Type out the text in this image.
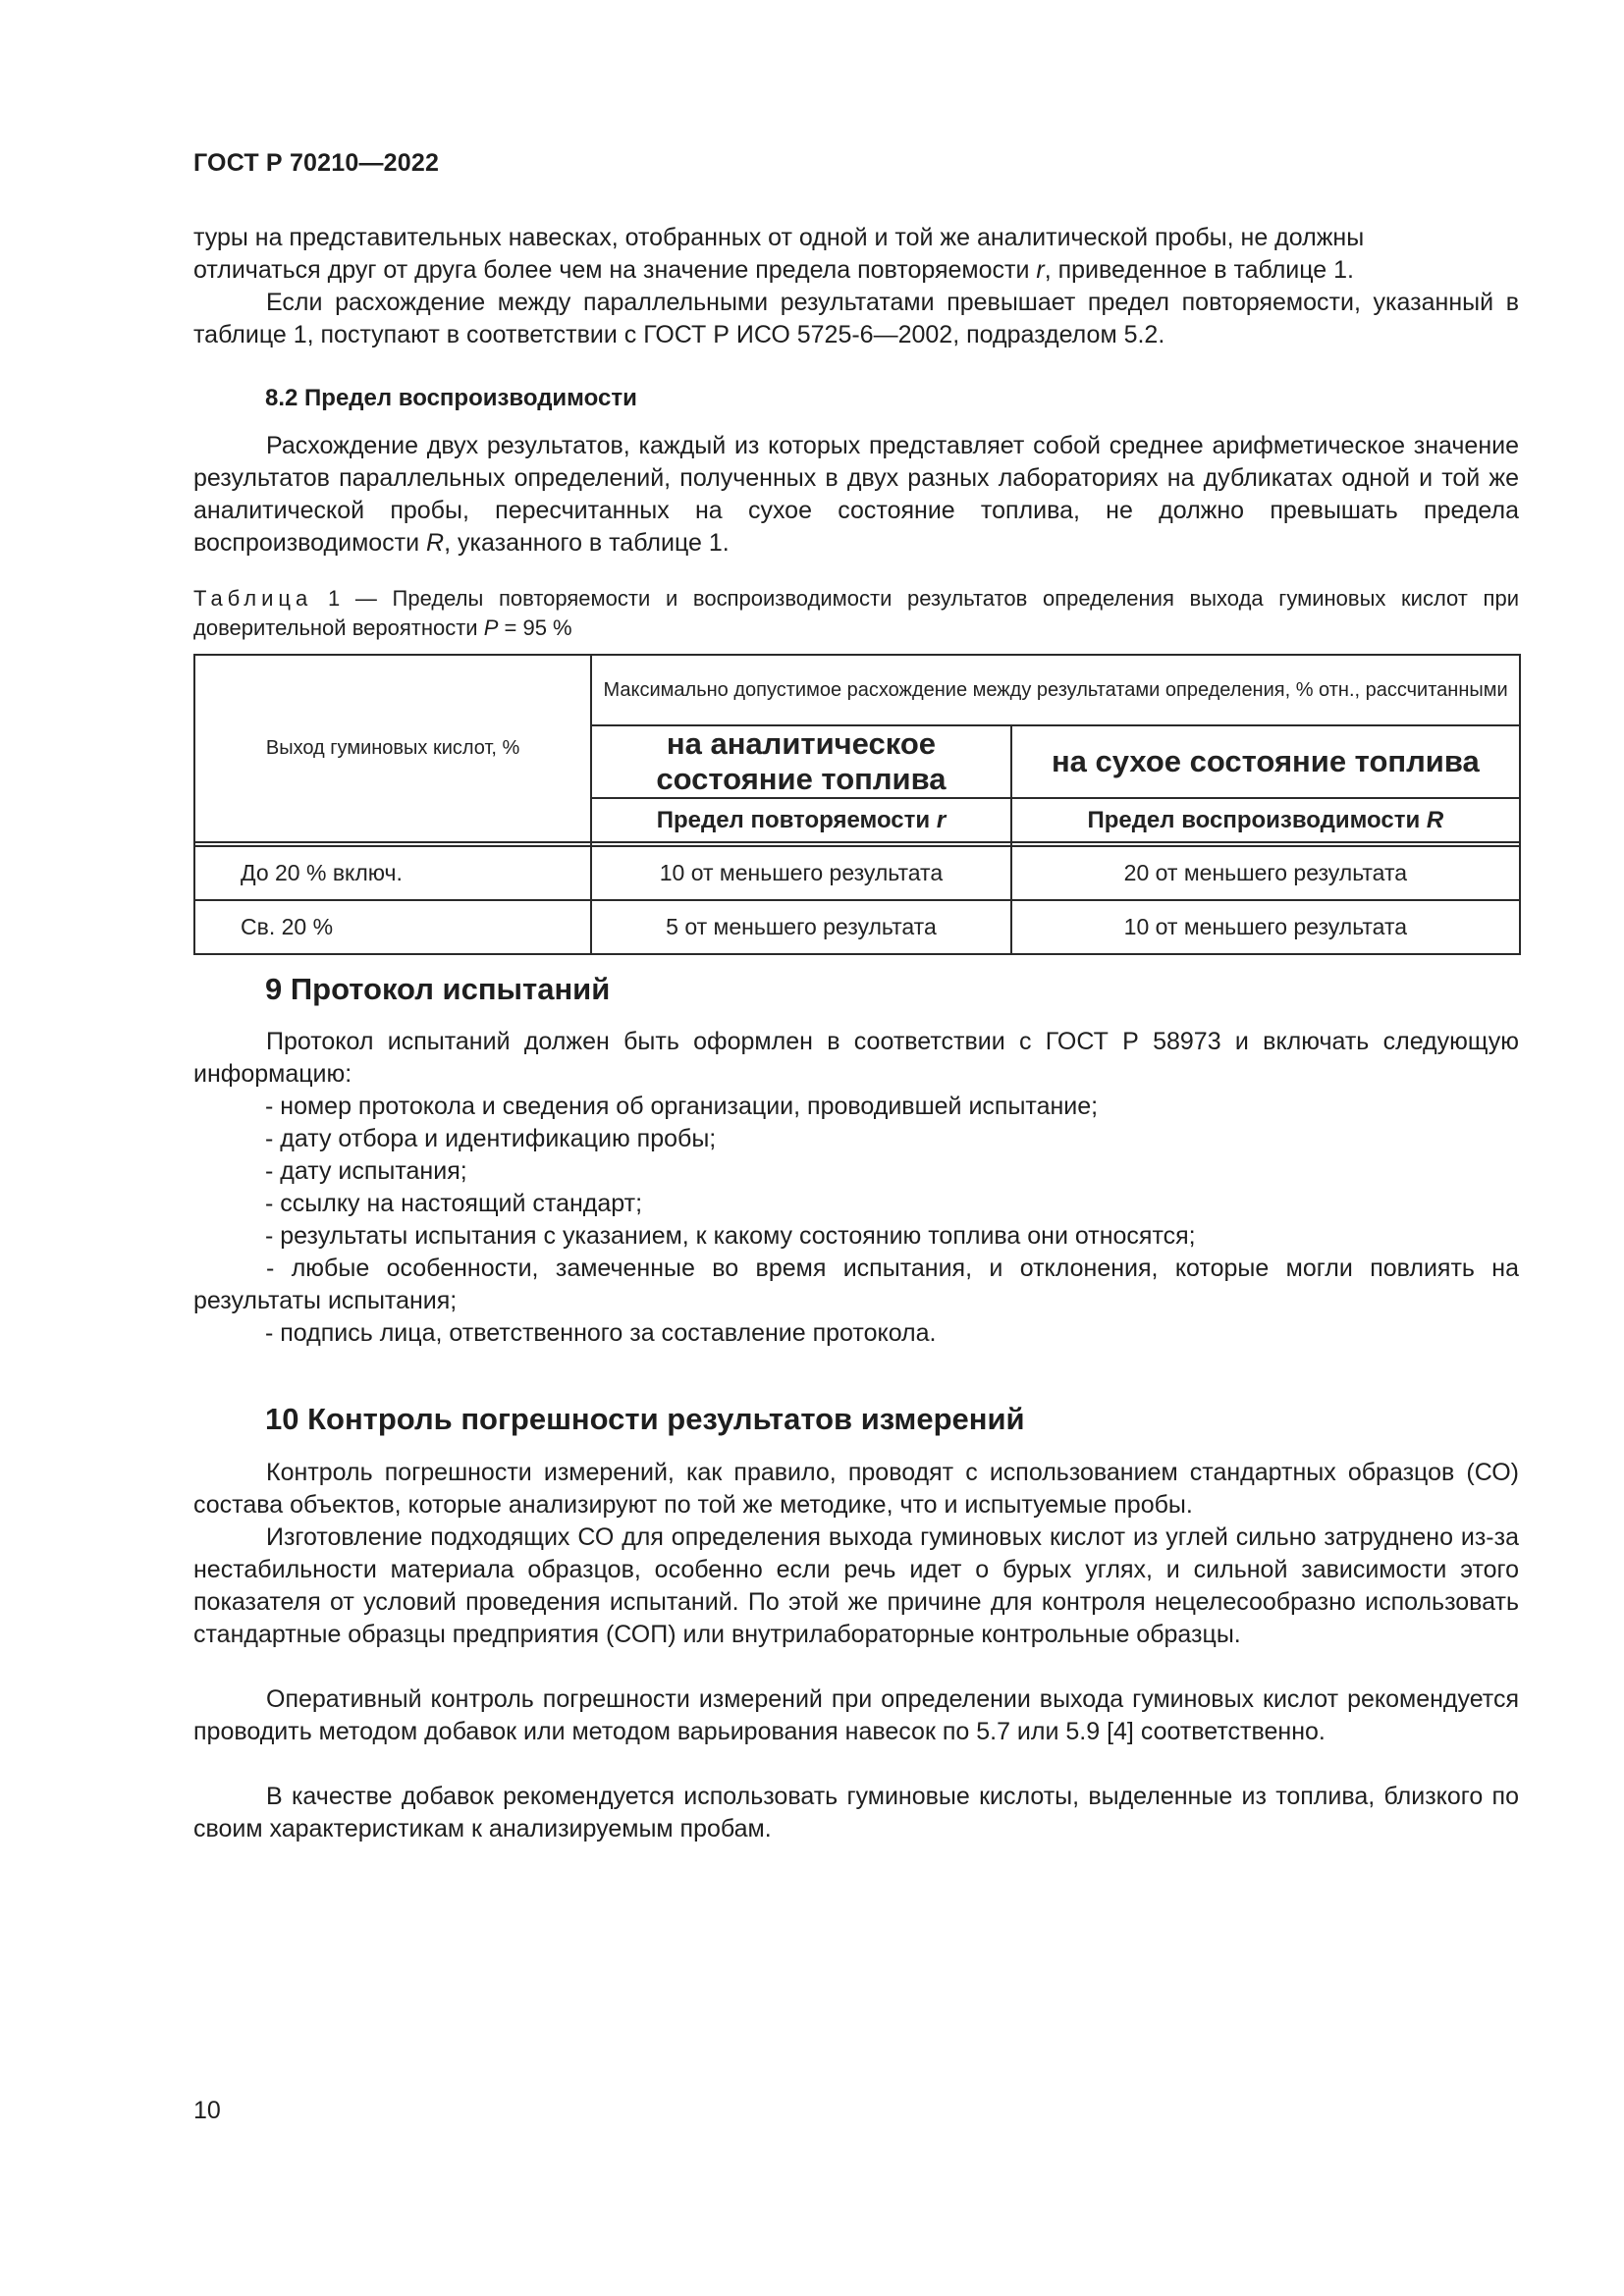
ГОСТ Р 70210—2022

туры на представительных навесках, отобранных от одной и той же аналитической пробы, не должны
отличаться друг от друга более чем на значение предела повторяемости r, приведенное в таблице 1.

Если расхождение между параллельными результатами превышает предел повторяемости, указанный в таблице 1, поступают в соответствии с ГОСТ Р ИСО 5725-6—2002, подразделом 5.2.

8.2 Предел воспроизводимости

Расхождение двух результатов, каждый из которых представляет собой среднее арифметическое значение результатов параллельных определений, полученных в двух разных лабораториях на дубликатах одной и той же аналитической пробы, пересчитанных на сухое состояние топлива, не должно превышать предела воспроизводимости R, указанного в таблице 1.

Таблица 1 — Пределы повторяемости и воспроизводимости результатов определения выхода гуминовых кислот при доверительной вероятности P = 95 %

Выход гуминовых кислот, %	Максимально допустимое расхождение между результатами определения, % отн., рассчитанными	
	на аналитическое состояние топлива	на сухое состояние топлива
	Предел повторяемости r	Предел воспроизводимости R

До 20 % включ.	10 от меньшего результата	20 от меньшего результата
Св. 20 %	5 от меньшего результата	10 от меньшего результата
9 Протокол испытаний

Протокол испытаний должен быть оформлен в соответствии с ГОСТ Р 58973 и включать следующую информацию:

- номер протокола и сведения об организации, проводившей испытание;
- дату отбора и идентификацию пробы;
- дату испытания;
- ссылку на настоящий стандарт;
- результаты испытания с указанием, к какому состоянию топлива они относятся;

- любые особенности, замеченные во время испытания, и отклонения, которые могли повлиять на результаты испытания;

- подпись лица, ответственного за составление протокола.
10 Контроль погрешности результатов измерений

Контроль погрешности измерений, как правило, проводят с использованием стандартных образцов (СО) состава объектов, которые анализируют по той же методике, что и испытуемые пробы.

Изготовление подходящих СО для определения выхода гуминовых кислот из углей сильно затруднено из-за нестабильности материала образцов, особенно если речь идет о бурых углях, и сильной зависимости этого показателя от условий проведения испытаний. По этой же причине для контроля нецелесообразно использовать стандартные образцы предприятия (СОП) или внутрилабораторные контрольные образцы.

Оперативный контроль погрешности измерений при определении выхода гуминовых кислот рекомендуется проводить методом добавок или методом варьирования навесок по 5.7 или 5.9 [4] соответственно.

В качестве добавок рекомендуется использовать гуминовые кислоты, выделенные из топлива, близкого по своим характеристикам к анализируемым пробам.

10
